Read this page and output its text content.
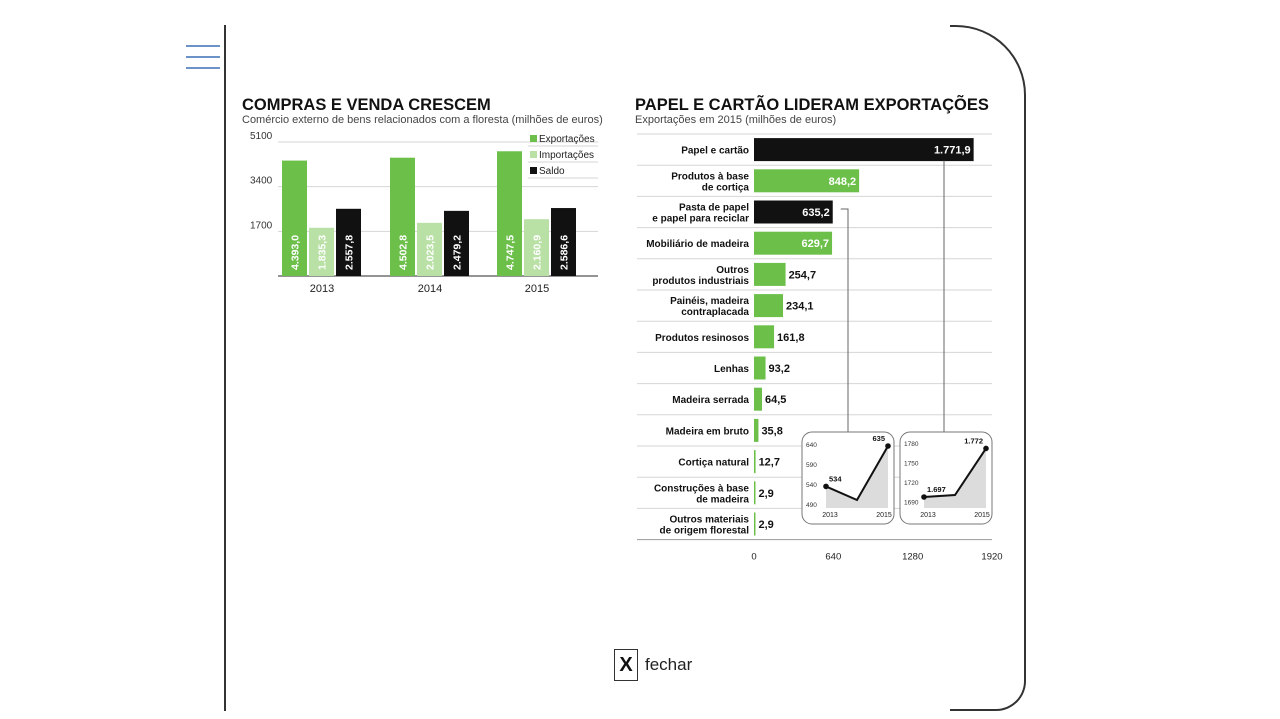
COMPRAS E VENDA CRESCEM
Comércio externo de bens relacionados com a floresta (milhões de euros)
5100
3400
1700
4.393,0 1.835,3 2.557,8
2013
4.502,8 2.023,5 2.479,2
2014
4.747,5 2.160,9 2.586,6
2015
Exportações
Importações
Saldo
PAPEL E CARTÃO LIDERAM EXPORTAÇÕES
Exportações em 2015 (milhões de euros)
0	640	1280	1920
Papel e cartão	1.771,9
Produtos à base
de cortiça	848,2
Pasta de papel
e papel para reciclar	635,2
Mobiliário de madeira	629,7
Outros
produtos industriais	254,7
Painéis, madeira
contraplacada	234,1
Produtos resinosos	161,8
Lenhas 93,2
Madeira serrada 64,5
Madeira em bruto 35,8
Cortiça natural 12,7
Construções à base
de madeira 2,9
Outros materiais
de origem florestal 2,9
640
590
540
490
534
635
2013	2015
1780
1750
1720
1690
1.697
1.772
2013	2015
X fechar
